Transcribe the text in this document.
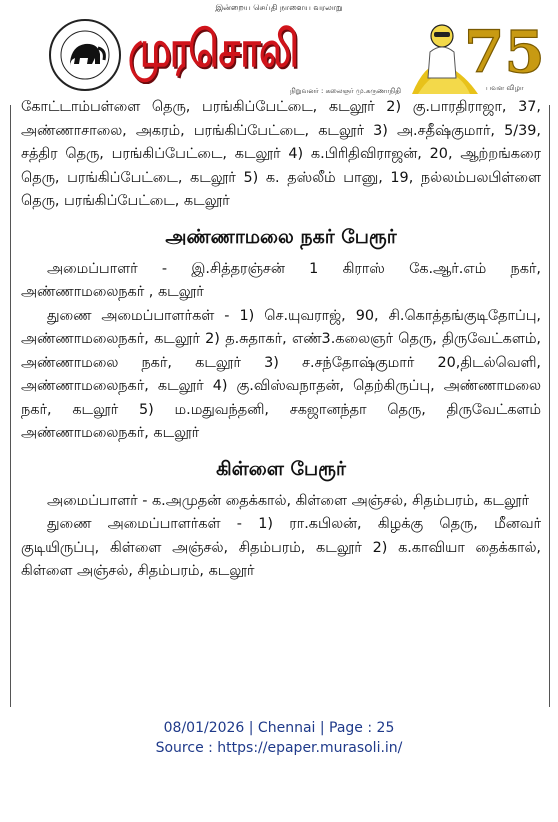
இன்றைய செய்தி நாளைய வரலாறு
முரசொலி
நிறுவனர் : கலைஞர் மு.கருணாநிதி
75
பவள விழா

கோட்டாம்பள்ளை தெரு, பரங்கிப்பேட்டை, கடலூர் 2) கு.பாரதிராஜா, 37, அண்ணாசாலை, அகரம், பரங்கிப்பேட்டை, கடலூர் 3) அ.சதீஷ்குமார், 5/39, சத்திர தெரு, பரங்கிப்பேட்டை, கடலூர் 4) க.பிரிதிவிராஜன், 20, ஆற்றங்கரை தெரு, பரங்கிப்பேட்டை, கடலூர் 5) க. தஸ்லீம் பானு, 19, நல்லம்பலபிள்ளை தெரு, பரங்கிப்பேட்டை, கடலூர்

அண்ணாமலை நகர் பேரூர்

அமைப்பாளர் - இ.சித்தரஞ்சன் 1 கிராஸ் கே.ஆர்.எம் நகர், அண்ணாமலைநகர் , கடலூர்

துணை அமைப்பாளர்கள் - 1) செ.யுவராஜ், 90, சி.கொத்தங்குடிதோப்பு, அண்ணாமலைநகர், கடலூர் 2) த.சுதாகர், எண்3.கலைஞர் தெரு, திருவேட்களம், அண்ணாமலை நகர், கடலூர் 3) ச.சந்தோஷ்குமார் 20,திடல்வெளி, அண்ணாமலைநகர், கடலூர் 4) கு.விஸ்வநாதன், தெற்கிருப்பு, அண்ணாமலை நகர், கடலூர் 5) ம.மதுவந்தனி, சகஜானந்தா தெரு, திருவேட்களம் அண்ணாமலைநகர், கடலூர்

கிள்ளை பேரூர்

அமைப்பாளர் - க.அமுதன் தைக்கால், கிள்ளை அஞ்சல், சிதம்பரம், கடலூர்

துணை அமைப்பாளர்கள் - 1) ரா.கபிலன், கிழக்கு தெரு, மீனவர் குடியிருப்பு, கிள்ளை அஞ்சல், சிதம்பரம், கடலூர் 2) க.காவியா தைக்கால், கிள்ளை அஞ்சல், சிதம்பரம், கடலூர்

08/01/2026 | Chennai | Page : 25
Source : https://epaper.murasoli.in/
